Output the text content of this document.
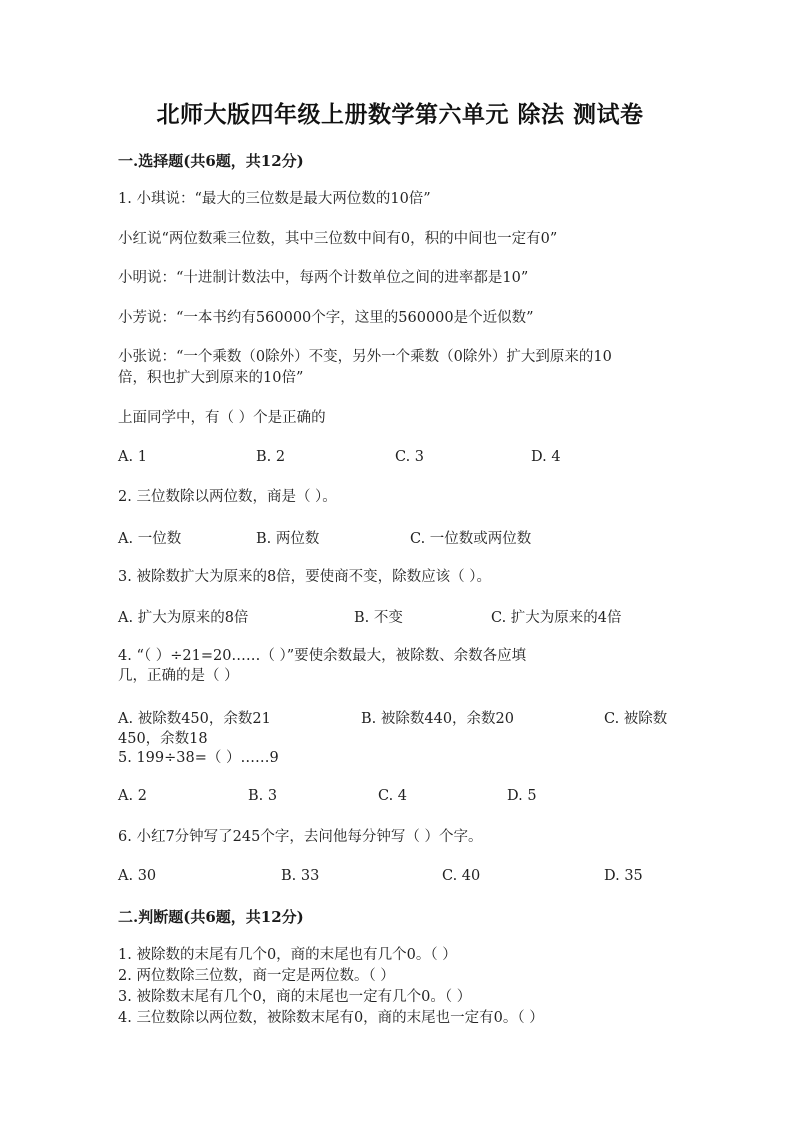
北师大版四年级上册数学第六单元 除法 测试卷
一.选择题(共6题，共12分)
1. 小琪说：“最大的三位数是最大两位数的10倍”
小红说“两位数乘三位数，其中三位数中间有0，积的中间也一定有0”
小明说：“十进制计数法中，每两个计数单位之间的进率都是10”
小芳说：“一本书约有560000个字，这里的560000是个近似数”
小张说：“一个乘数（0除外）不变，另外一个乘数（0除外）扩大到原来的10
倍，积也扩大到原来的10倍”
上面同学中，有（ ）个是正确的
A. 1	B. 2	C. 3	D. 4
2. 三位数除以两位数，商是（ ）。
A. 一位数	B. 两位数	C. 一位数或两位数
3. 被除数扩大为原来的8倍，要使商不变，除数应该（ ）。
A. 扩大为原来的8倍	B. 不变	C. 扩大为原来的4倍
4. “（ ）÷21=20……（ ）”要使余数最大，被除数、余数各应填
几，正确的是（ ）
A. 被除数450，余数21	B. 被除数440，余数20	C. 被除数
450，余数18
5. 199÷38=（ ）……9
A. 2	B. 3	C. 4	D. 5
6. 小红7分钟写了245个字，去问他每分钟写（ ）个字。
A. 30	B. 33	C. 40	D. 35
二.判断题(共6题，共12分)
1. 被除数的末尾有几个0，商的末尾也有几个0。（ ）
2. 两位数除三位数，商一定是两位数。（ ）
3. 被除数末尾有几个0，商的末尾也一定有几个0。（ ）
4. 三位数除以两位数，被除数末尾有0，商的末尾也一定有0。（ ）
